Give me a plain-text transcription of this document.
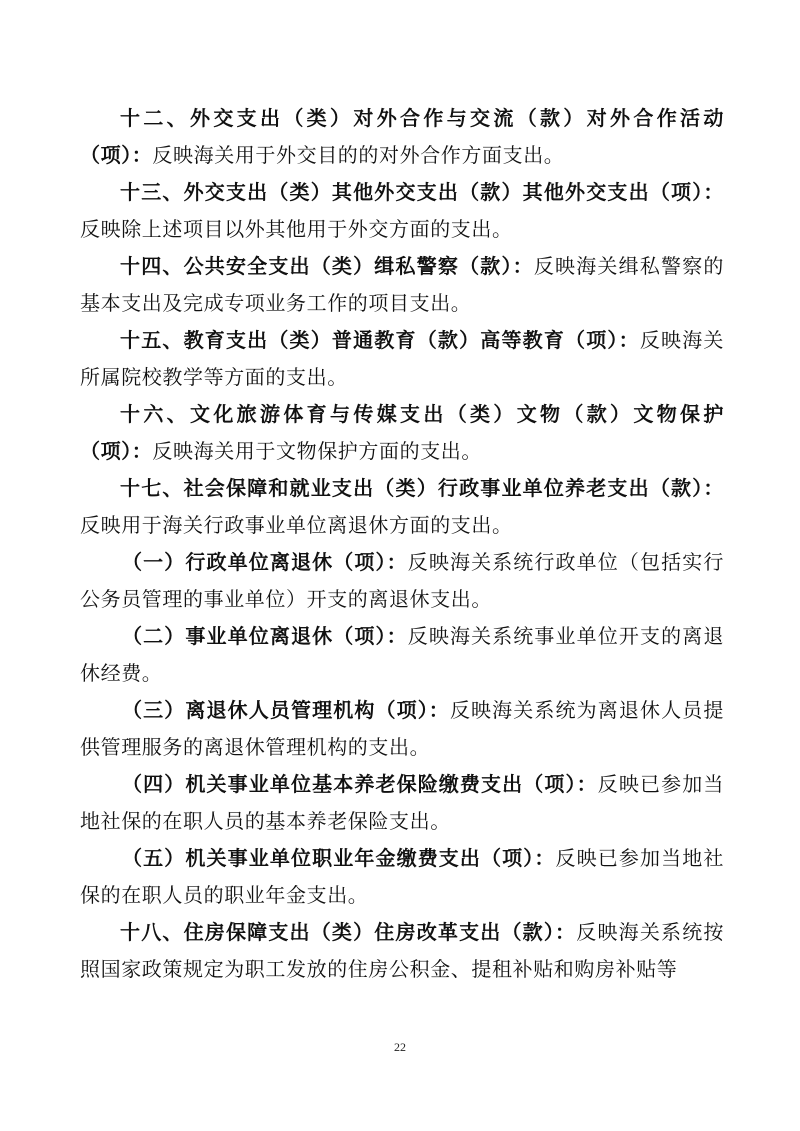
十二、外交支出（类）对外合作与交流（款）对外合作活动（项）：反映海关用于外交目的的对外合作方面支出。

十三、外交支出（类）其他外交支出（款）其他外交支出（项）：反映除上述项目以外其他用于外交方面的支出。

十四、公共安全支出（类）缉私警察（款）：反映海关缉私警察的基本支出及完成专项业务工作的项目支出。

十五、教育支出（类）普通教育（款）高等教育（项）：反映海关所属院校教学等方面的支出。

十六、文化旅游体育与传媒支出（类）文物（款）文物保护（项）：反映海关用于文物保护方面的支出。

十七、社会保障和就业支出（类）行政事业单位养老支出（款）：反映用于海关行政事业单位离退休方面的支出。

（一）行政单位离退休（项）：反映海关系统行政单位（包括实行公务员管理的事业单位）开支的离退休支出。

（二）事业单位离退休（项）：反映海关系统事业单位开支的离退休经费。

（三）离退休人员管理机构（项）：反映海关系统为离退休人员提供管理服务的离退休管理机构的支出。

（四）机关事业单位基本养老保险缴费支出（项）：反映已参加当地社保的在职人员的基本养老保险支出。

（五）机关事业单位职业年金缴费支出（项）：反映已参加当地社保的在职人员的职业年金支出。

十八、住房保障支出（类）住房改革支出（款）：反映海关系统按照国家政策规定为职工发放的住房公积金、提租补贴和购房补贴等

22
